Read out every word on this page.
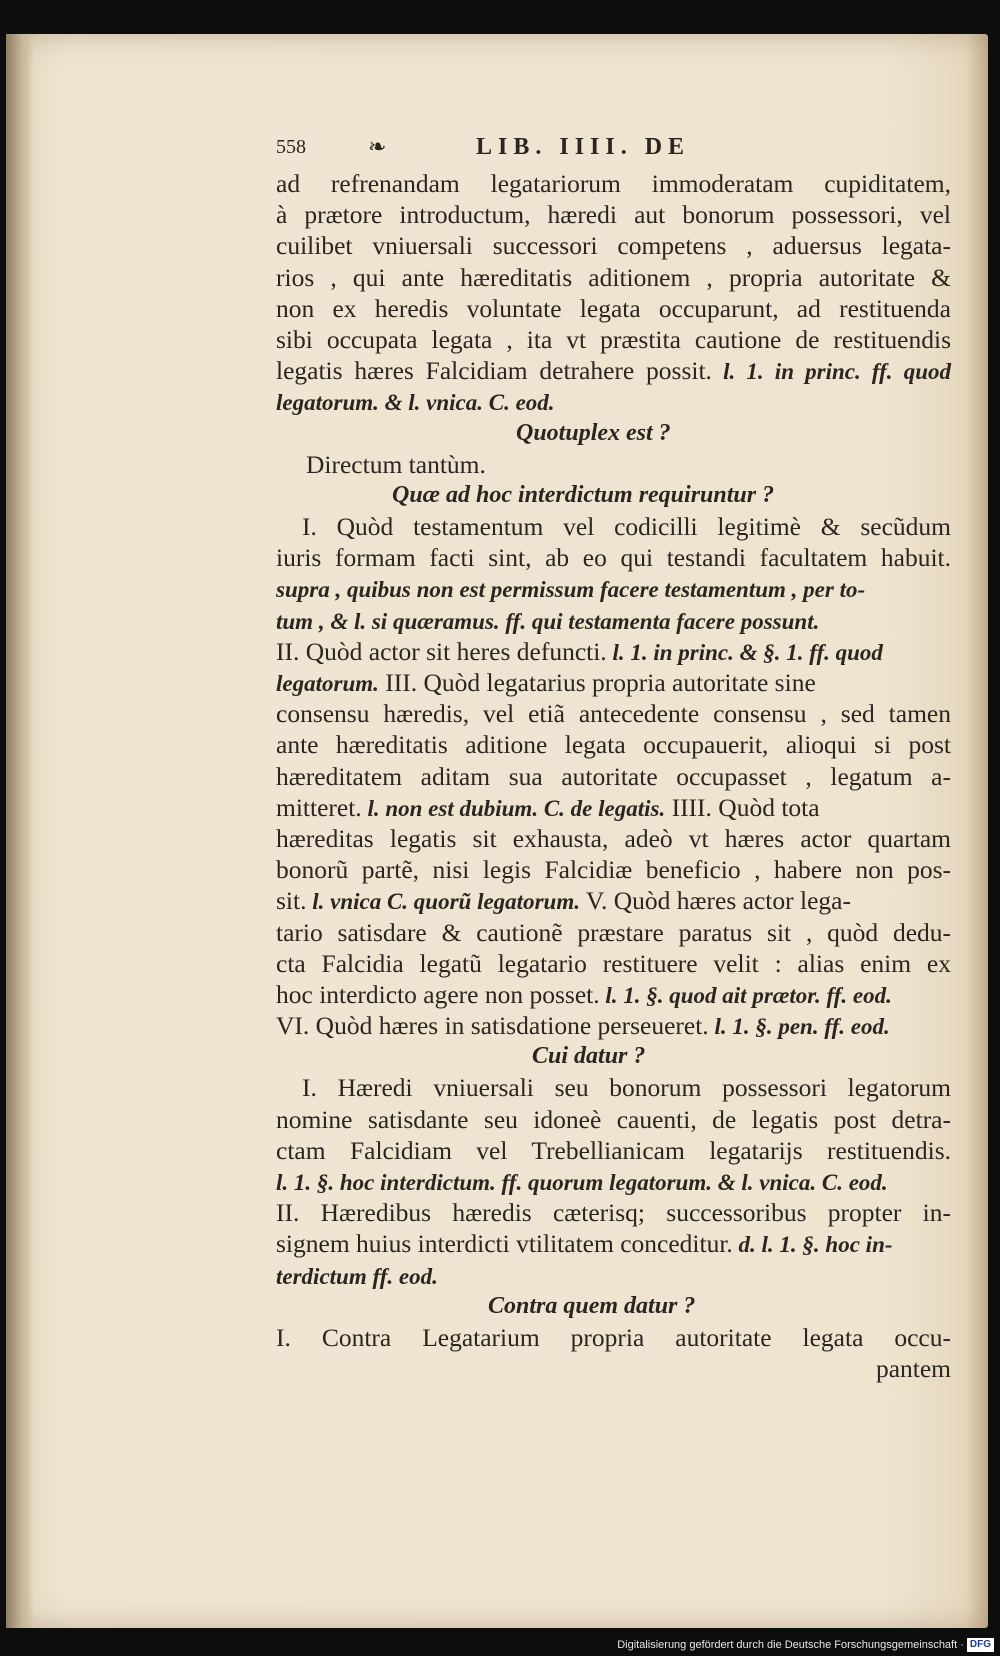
558	❧	LIB. IIII. DE
ad refrenandam legatariorum immoderatam cupiditatem,
à prætore introductum, hæredi aut bonorum possessori, vel
cuilibet vniuersali successori competens , aduersus legata-
rios , qui ante hæreditatis aditionem , propria autoritate &
non ex heredis voluntate legata occuparunt, ad restituenda
sibi occupata legata , ita vt præstita cautione de restituendis
legatis hæres Falcidiam detrahere possit. l. 1. in princ. ff. quod
legatorum. & l. vnica. C. eod.
Quotuplex est ?
Directum tantùm.
Quæ ad hoc interdictum requiruntur ?
I. Quòd testamentum vel codicilli legitimè & secũdum
iuris formam facti sint, ab eo qui testandi facultatem habuit.
supra , quibus non est permissum facere testamentum , per to-
tum , & l. si quæramus. ff. qui testamenta facere possunt.
II. Quòd actor sit heres defuncti. l. 1. in princ. & §. 1. ff. quod
legatorum. III. Quòd legatarius propria autoritate sine
consensu hæredis, vel etiã antecedente consensu , sed tamen
ante hæreditatis aditione legata occupauerit, alioqui si post
hæreditatem aditam sua autoritate occupasset , legatum a-
mitteret. l. non est dubium. C. de legatis. IIII. Quòd tota
hæreditas legatis sit exhausta, adeò vt hæres actor quartam
bonorũ partẽ, nisi legis Falcidiæ beneficio , habere non pos-
sit. l. vnica C. quorũ legatorum. V. Quòd hæres actor lega-
tario satisdare & cautionẽ præstare paratus sit , quòd dedu-
cta Falcidia legatũ legatario restituere velit : alias enim ex
hoc interdicto agere non posset. l. 1. §. quod ait prætor. ff. eod.
VI. Quòd hæres in satisdatione perseueret. l. 1. §. pen. ff. eod.
Cui datur ?
I. Hæredi vniuersali seu bonorum possessori legatorum
nomine satisdante seu idoneè cauenti, de legatis post detra-
ctam Falcidiam vel Trebellianicam legatarijs restituendis.
l. 1. §. hoc interdictum. ff. quorum legatorum. & l. vnica. C. eod.
II. Hæredibus hæredis cæterisq; successoribus propter in-
signem huius interdicti vtilitatem conceditur. d. l. 1. §. hoc in-
terdictum ff. eod.
Contra quem datur ?
I. Contra Legatarium propria autoritate legata occu-
pantem
Digitalisierung gefördert durch die Deutsche Forschungsgemeinschaft · DFG
